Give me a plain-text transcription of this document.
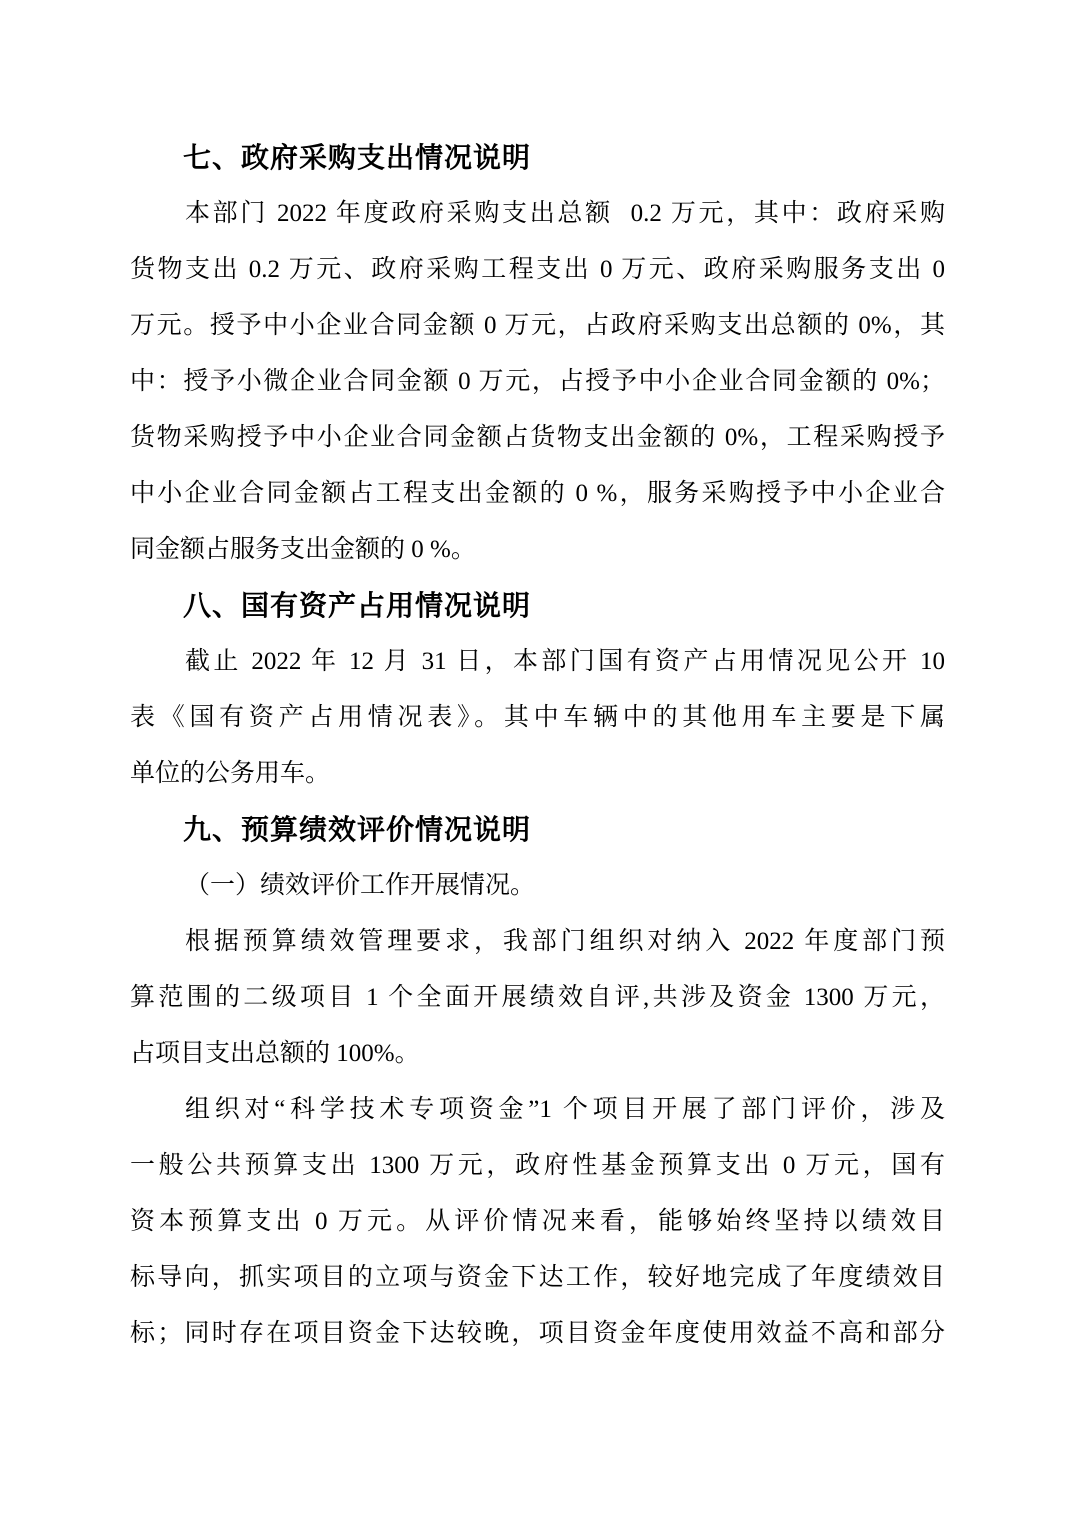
七、政府采购支出情况说明
本部门 2022 年度政府采购支出总额  0.2 万元，其中：政府采购
货物支出 0.2 万元、政府采购工程支出 0 万元、政府采购服务支出 0
万元。授予中小企业合同金额 0 万元，占政府采购支出总额的 0%，其
中：授予小微企业合同金额 0 万元，占授予中小企业合同金额的 0%；
货物采购授予中小企业合同金额占货物支出金额的 0%，工程采购授予
中小企业合同金额占工程支出金额的 0 %，服务采购授予中小企业合
同金额占服务支出金额的 0 %。
八、国有资产占用情况说明
截止 2022 年 12 月 31 日，本部门国有资产占用情况见公开 10
表《国有资产占用情况表》。其中车辆中的其他用车主要是下属
单位的公务用车。
九、预算绩效评价情况说明
（一）绩效评价工作开展情况。
根据预算绩效管理要求，我部门组织对纳入 2022 年度部门预
算范围的二级项目 1 个全面开展绩效自评,共涉及资金 1300 万元，
占项目支出总额的 100%。
组织对“科学技术专项资金”1 个项目开展了部门评价，涉及
一般公共预算支出 1300 万元，政府性基金预算支出 0 万元，国有
资本预算支出 0 万元。从评价情况来看，能够始终坚持以绩效目
标导向，抓实项目的立项与资金下达工作，较好地完成了年度绩效目
标；同时存在项目资金下达较晚，项目资金年度使用效益不高和部分
